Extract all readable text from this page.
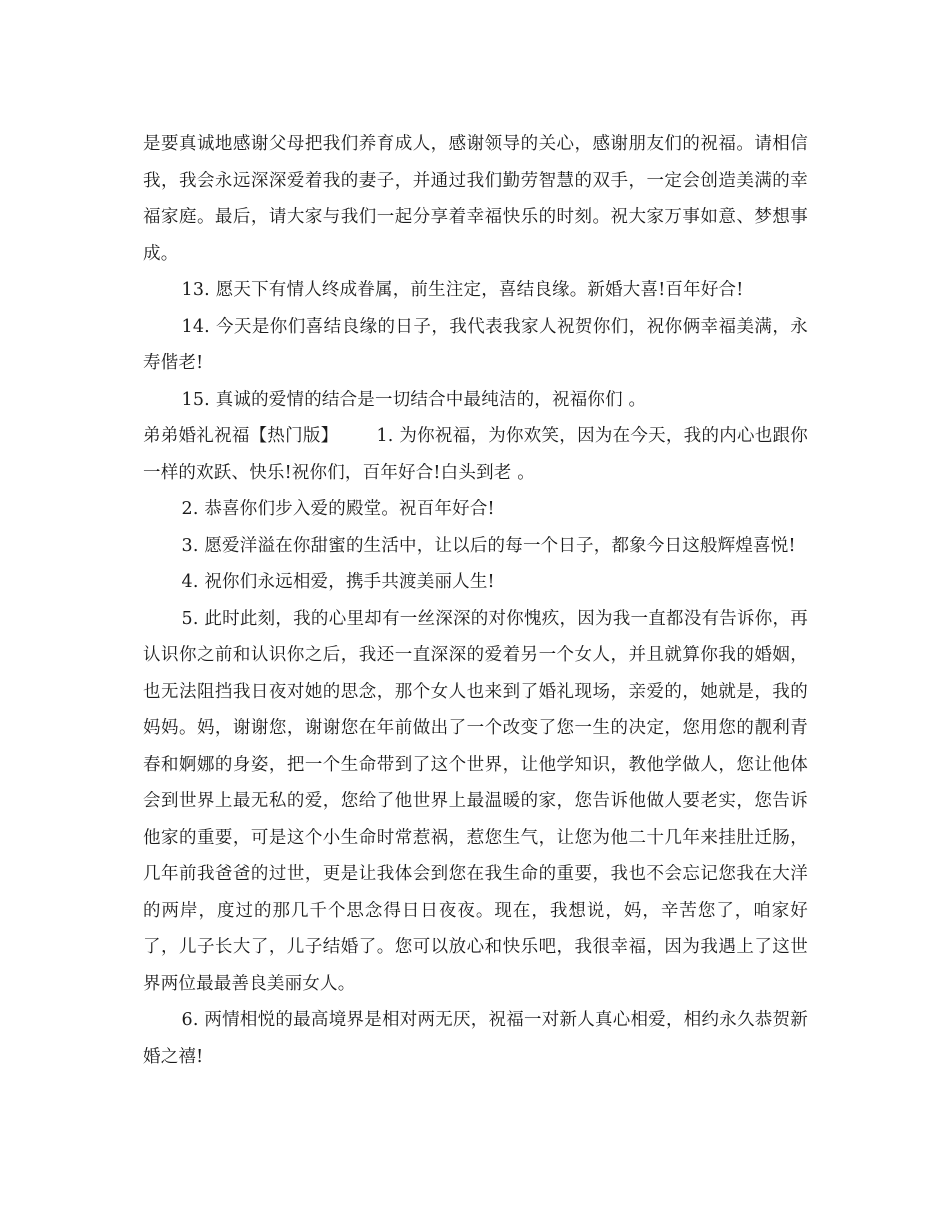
是要真诚地感谢父母把我们养育成人，感谢领导的关心，感谢朋友们的祝福。请相信我，我会永远深深爱着我的妻子，并通过我们勤劳智慧的双手，一定会创造美满的幸福家庭。最后，请大家与我们一起分享着幸福快乐的时刻。祝大家万事如意、梦想事成。

13. 愿天下有情人终成眷属，前生注定，喜结良缘。新婚大喜!百年好合!

14. 今天是你们喜结良缘的日子，我代表我家人祝贺你们，祝你俩幸福美满，永寿偕老!

15. 真诚的爱情的结合是一切结合中最纯洁的，祝福你们 。

弟弟婚礼祝福【热门版】 1. 为你祝福，为你欢笑，因为在今天，我的内心也跟你一样的欢跃、快乐!祝你们，百年好合!白头到老 。

2. 恭喜你们步入爱的殿堂。祝百年好合!

3. 愿爱洋溢在你甜蜜的生活中，让以后的每一个日子，都象今日这般辉煌喜悦!

4. 祝你们永远相爱，携手共渡美丽人生!

5. 此时此刻，我的心里却有一丝深深的对你愧疚，因为我一直都没有告诉你，再认识你之前和认识你之后，我还一直深深的爱着另一个女人，并且就算你我的婚姻，也无法阻挡我日夜对她的思念，那个女人也来到了婚礼现场，亲爱的，她就是，我的妈妈。妈，谢谢您，谢谢您在年前做出了一个改变了您一生的决定，您用您的靓利青春和婀娜的身姿，把一个生命带到了这个世界，让他学知识，教他学做人，您让他体会到世界上最无私的爱，您给了他世界上最温暖的家，您告诉他做人要老实，您告诉他家的重要，可是这个小生命时常惹祸，惹您生气，让您为他二十几年来挂肚迁肠，几年前我爸爸的过世，更是让我体会到您在我生命的重要，我也不会忘记您我在大洋的两岸，度过的那几千个思念得日日夜夜。现在，我想说，妈，辛苦您了，咱家好了，儿子长大了，儿子结婚了。您可以放心和快乐吧，我很幸福，因为我遇上了这世界两位最最善良美丽女人。

6. 两情相悦的最高境界是相对两无厌，祝福一对新人真心相爱，相约永久恭贺新婚之禧!
